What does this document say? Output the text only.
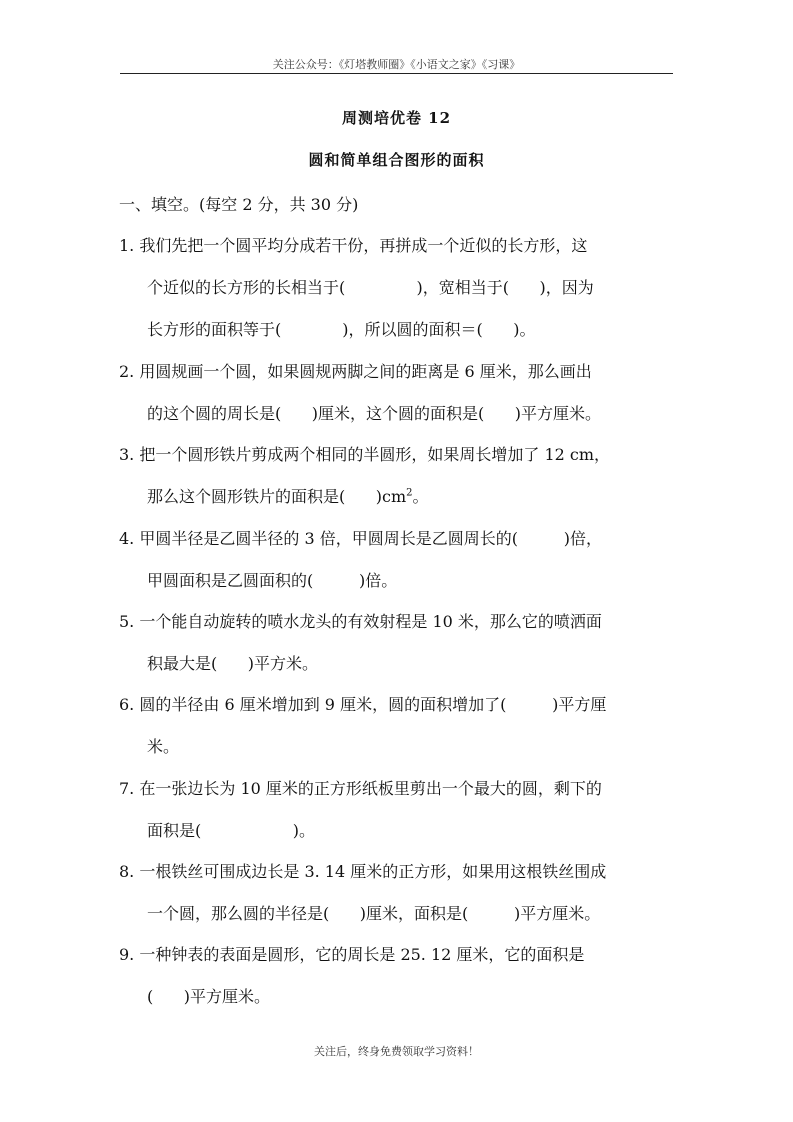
关注公众号：《灯塔教师圈》《小语文之家》《习课》
周测培优卷 12
圆和简单组合图形的面积
一、填空。(每空 2 分，共 30 分)
1. 我们先把一个圆平均分成若干份，再拼成一个近似的长方形，这
个近似的长方形的长相当于(              )，宽相当于(      )，因为
长方形的面积等于(            )，所以圆的面积＝(      )。
2. 用圆规画一个圆，如果圆规两脚之间的距离是 6 厘米，那么画出
的这个圆的周长是(      )厘米，这个圆的面积是(      )平方厘米。
3. 把一个圆形铁片剪成两个相同的半圆形，如果周长增加了 12 cm，
那么这个圆形铁片的面积是(      )$cm^2$。
4. 甲圆半径是乙圆半径的 3 倍，甲圆周长是乙圆周长的(         )倍，
甲圆面积是乙圆面积的(         )倍。
5. 一个能自动旋转的喷水龙头的有效射程是 10 米，那么它的喷洒面
积最大是(      )平方米。
6. 圆的半径由 6 厘米增加到 9 厘米，圆的面积增加了(         )平方厘
米。
7. 在一张边长为 10 厘米的正方形纸板里剪出一个最大的圆，剩下的
面积是(                  )。
8. 一根铁丝可围成边长是 3. 14 厘米的正方形，如果用这根铁丝围成
一个圆，那么圆的半径是(      )厘米，面积是(         )平方厘米。
9. 一种钟表的表面是圆形，它的周长是 25. 12 厘米，它的面积是
(      )平方厘米。
关注后，终身免费领取学习资料！
